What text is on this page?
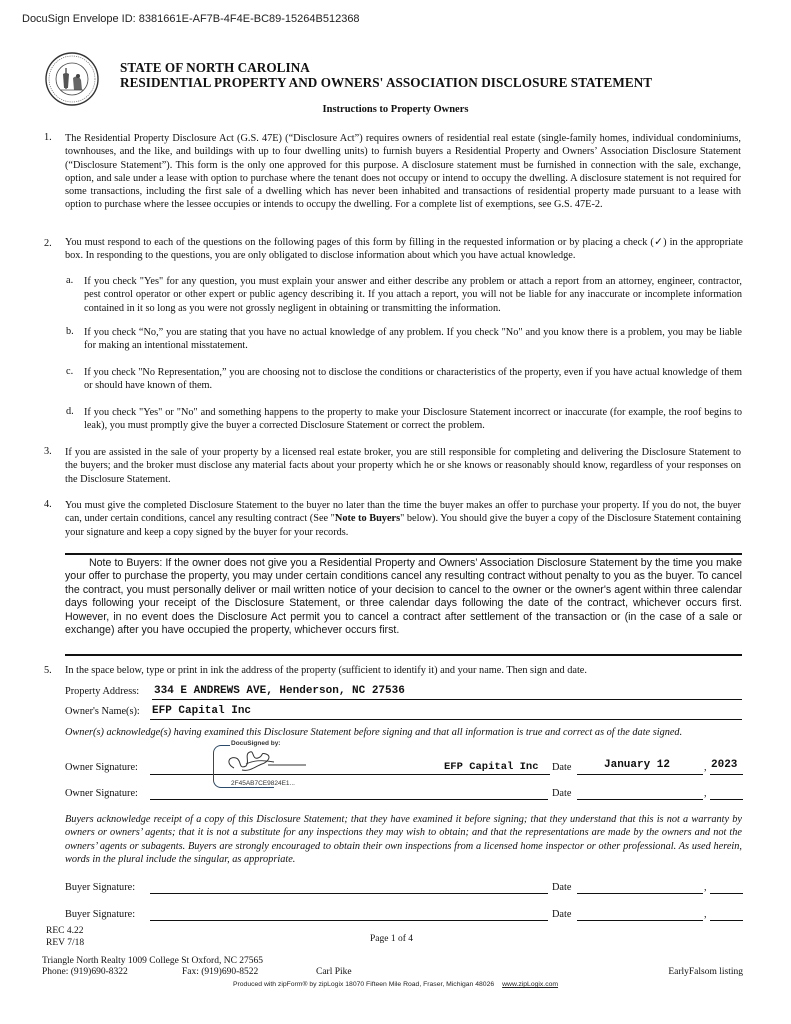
DocuSign Envelope ID: 8381661E-AF7B-4F4E-BC89-15264B512368
STATE OF NORTH CAROLINA
RESIDENTIAL PROPERTY AND OWNERS' ASSOCIATION DISCLOSURE STATEMENT
Instructions to Property Owners
1. The Residential Property Disclosure Act (G.S. 47E) (“Disclosure Act”) requires owners of residential real estate (single-family homes, individual condominiums, townhouses, and the like, and buildings with up to four dwelling units) to furnish buyers a Residential Property and Owners’ Association Disclosure Statement (“Disclosure Statement”). This form is the only one approved for this purpose. A disclosure statement must be furnished in connection with the sale, exchange, option, and sale under a lease with option to purchase where the tenant does not occupy or intend to occupy the dwelling. A disclosure statement is not required for some transactions, including the first sale of a dwelling which has never been inhabited and transactions of residential property made pursuant to a lease with option to purchase where the lessee occupies or intends to occupy the dwelling. For a complete list of exemptions, see G.S. 47E-2.
2. You must respond to each of the questions on the following pages of this form by filling in the requested information or by placing a check (✓) in the appropriate box. In responding to the questions, you are only obligated to disclose information about which you have actual knowledge.
a. If you check "Yes" for any question, you must explain your answer and either describe any problem or attach a report from an attorney, engineer, contractor, pest control operator or other expert or public agency describing it. If you attach a report, you will not be liable for any inaccurate or incomplete information contained in it so long as you were not grossly negligent in obtaining or transmitting the information.
b. If you check “No,” you are stating that you have no actual knowledge of any problem. If you check "No" and you know there is a problem, you may be liable for making an intentional misstatement.
c. If you check "No Representation,” you are choosing not to disclose the conditions or characteristics of the property, even if you have actual knowledge of them or should have known of them.
d. If you check "Yes" or "No" and something happens to the property to make your Disclosure Statement incorrect or inaccurate (for example, the roof begins to leak), you must promptly give the buyer a corrected Disclosure Statement or correct the problem.
3. If you are assisted in the sale of your property by a licensed real estate broker, you are still responsible for completing and delivering the Disclosure Statement to the buyers; and the broker must disclose any material facts about your property which he or she knows or reasonably should know, regardless of your responses on the Disclosure Statement.
4. You must give the completed Disclosure Statement to the buyer no later than the time the buyer makes an offer to purchase your property. If you do not, the buyer can, under certain conditions, cancel any resulting contract (See "Note to Buyers" below). You should give the buyer a copy of the Disclosure Statement containing your signature and keep a copy signed by the buyer for your records.
Note to Buyers: If the owner does not give you a Residential Property and Owners’ Association Disclosure Statement by the time you make your offer to purchase the property, you may under certain conditions cancel any resulting contract without penalty to you as the buyer. To cancel the contract, you must personally deliver or mail written notice of your decision to cancel to the owner or the owner's agent within three calendar days following your receipt of the Disclosure Statement, or three calendar days following the date of the contract, whichever occurs first. However, in no event does the Disclosure Act permit you to cancel a contract after settlement of the transaction or (in the case of a sale or exchange) after you have occupied the property, whichever occurs first.
5. In the space below, type or print in ink the address of the property (sufficient to identify it) and your name. Then sign and date.
Property Address: 334 E ANDREWS AVE, Henderson, NC 27536
Owner's Name(s): EFP Capital Inc
Owner(s) acknowledge(s) having examined this Disclosure Statement before signing and that all information is true and correct as of the date signed.
Owner Signature:
DocuSigned by:
2F45AB7CE9824E1...
EFP Capital Inc Date	January 12	, 2023
Owner Signature:	Date	,
Buyers acknowledge receipt of a copy of this Disclosure Statement; that they have examined it before signing; that they understand that this is not a warranty by owners or owners’ agents; that it is not a substitute for any inspections they may wish to obtain; and that the representations are made by the owners and not the owners’ agents or subagents. Buyers are strongly encouraged to obtain their own inspections from a licensed home inspector or other professional. As used herein, words in the plural include the singular, as appropriate.
Buyer Signature:	Date	,
Buyer Signature:	Date	,
REC 4.22
REV 7/18	Page 1 of 4
Triangle North Realty 1009 College St Oxford, NC 27565
Phone: (919)690-8322	Fax: (919)690-8522	Carl Pike	EarlyFalsom listing
Produced with zipForm® by zipLogix 18070 Fifteen Mile Road, Fraser, Michigan 48026 www.zipLogix.com
